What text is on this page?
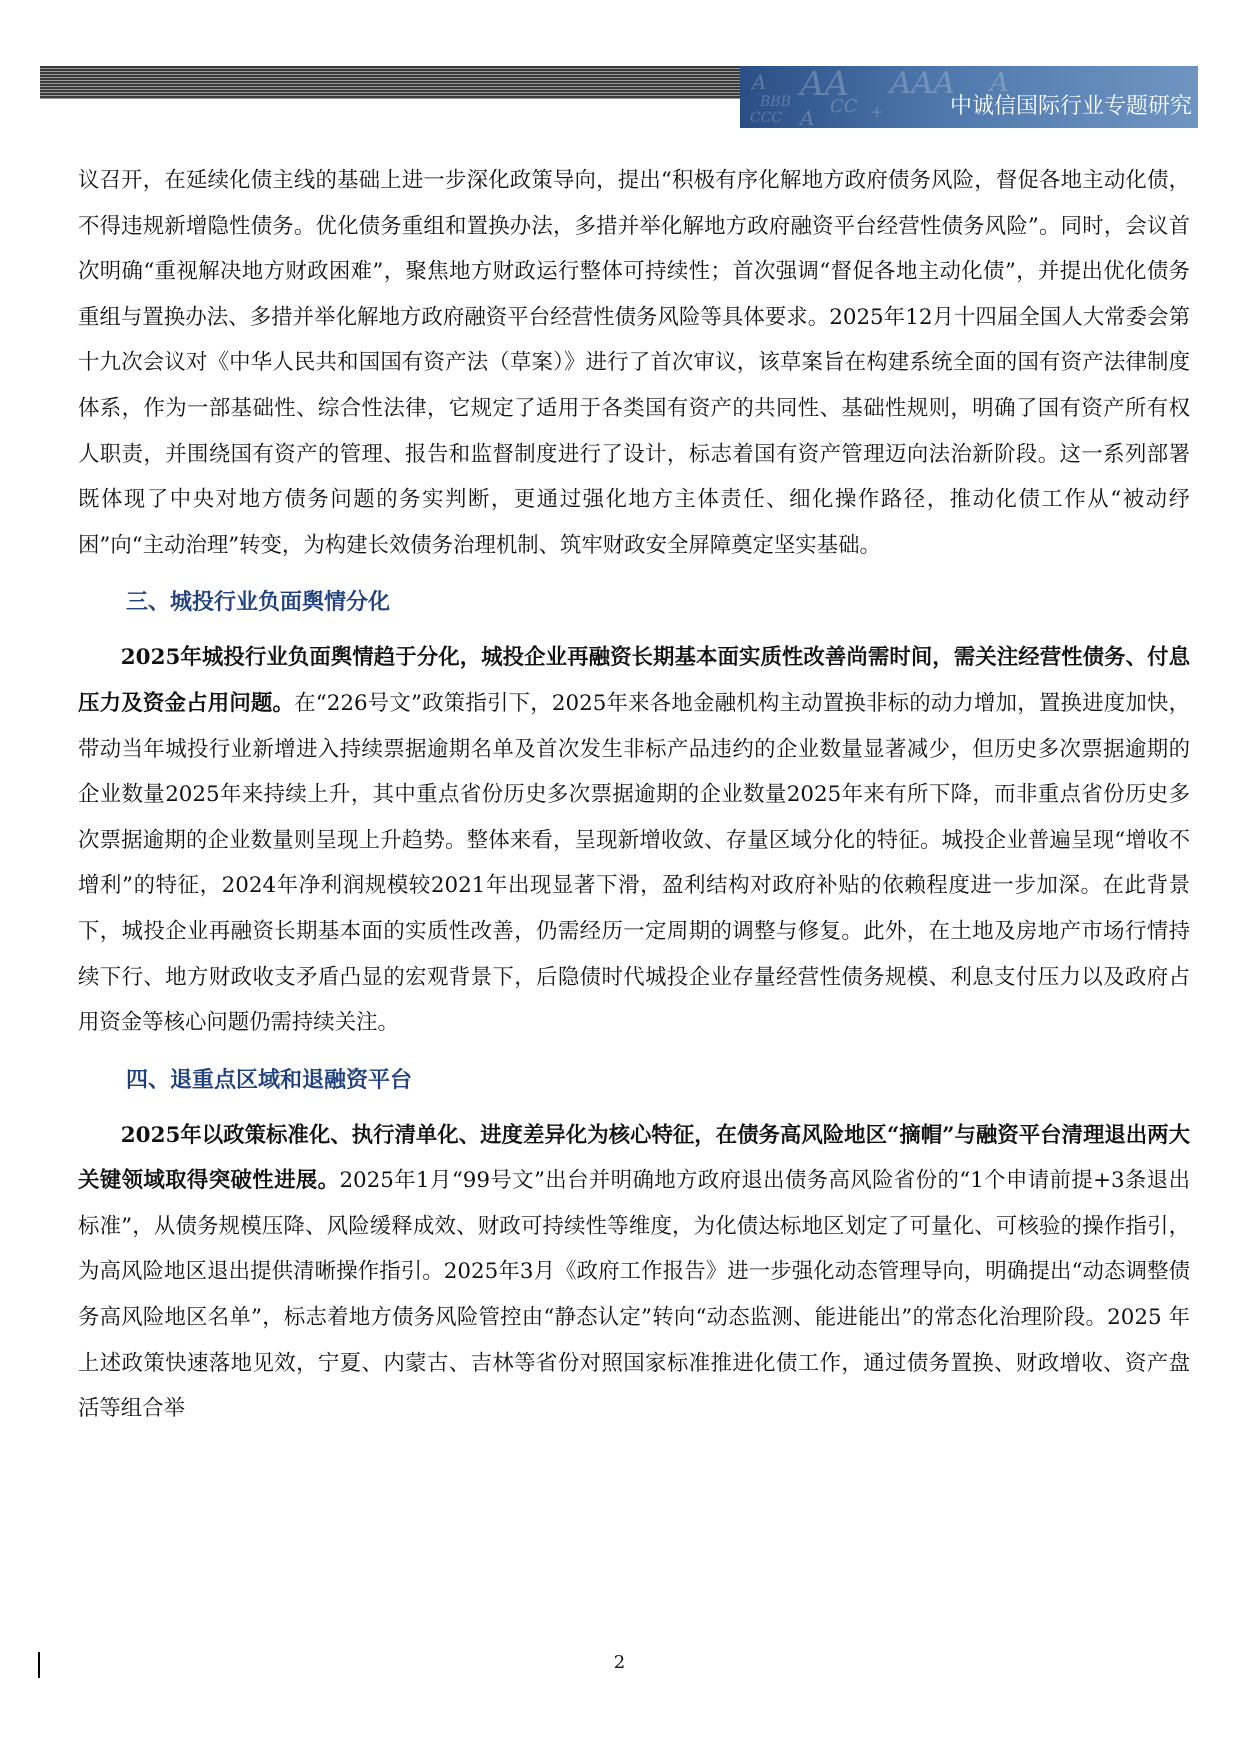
A AA AAA A
BBB CC
CCC A	+	中诚信国际行业专题研究

议召开，在延续化债主线的基础上进一步深化政策导向，提出“积极有序化解地方政府债务风险，督促各地主动化债，不得违规新增隐性债务。优化债务重组和置换办法，多措并举化解地方政府融资平台经营性债务风险”。同时，会议首次明确“重视解决地方财政困难”，聚焦地方财政运行整体可持续性；首次强调“督促各地主动化债”，并提出优化债务重组与置换办法、多措并举化解地方政府融资平台经营性债务风险等具体要求。2025年12月十四届全国人大常委会第十九次会议对《中华人民共和国国有资产法（草案）》进行了首次审议，该草案旨在构建系统全面的国有资产法律制度体系，作为一部基础性、综合性法律，它规定了适用于各类国有资产的共同性、基础性规则，明确了国有资产所有权人职责，并围绕国有资产的管理、报告和监督制度进行了设计，标志着国有资产管理迈向法治新阶段。这一系列部署既体现了中央对地方债务问题的务实判断，更通过强化地方主体责任、细化操作路径，推动化债工作从“被动纾困”向“主动治理”转变，为构建长效债务治理机制、筑牢财政安全屏障奠定坚实基础。

三、城投行业负面舆情分化

2025年城投行业负面舆情趋于分化，城投企业再融资长期基本面实质性改善尚需时间，需关注经营性债务、付息压力及资金占用问题。在“226号文”政策指引下，2025年来各地金融机构主动置换非标的动力增加，置换进度加快，带动当年城投行业新增进入持续票据逾期名单及首次发生非标产品违约的企业数量显著减少，但历史多次票据逾期的企业数量2025年来持续上升，其中重点省份历史多次票据逾期的企业数量2025年来有所下降，而非重点省份历史多次票据逾期的企业数量则呈现上升趋势。整体来看，呈现新增收敛、存量区域分化的特征。城投企业普遍呈现“增收不增利”的特征，2024年净利润规模较2021年出现显著下滑，盈利结构对政府补贴的依赖程度进一步加深。在此背景下，城投企业再融资长期基本面的实质性改善，仍需经历一定周期的调整与修复。此外，在土地及房地产市场行情持续下行、地方财政收支矛盾凸显的宏观背景下，后隐债时代城投企业存量经营性债务规模、利息支付压力以及政府占用资金等核心问题仍需持续关注。

四、退重点区域和退融资平台

2025年以政策标准化、执行清单化、进度差异化为核心特征，在债务高风险地区“摘帽”与融资平台清理退出两大关键领域取得突破性进展。2025年1月“99号文”出台并明确地方政府退出债务高风险省份的“1个申请前提+3条退出标准”，从债务规模压降、风险缓释成效、财政可持续性等维度，为化债达标地区划定了可量化、可核验的操作指引，为高风险地区退出提供清晰操作指引。2025年3月《政府工作报告》进一步强化动态管理导向，明确提出“动态调整债务高风险地区名单”，标志着地方债务风险管控由“静态认定”转向“动态监测、能进能出”的常态化治理阶段。2025 年上述政策快速落地见效，宁夏、内蒙古、吉林等省份对照国家标准推进化债工作，通过债务置换、财政增收、资产盘活等组合举

2
